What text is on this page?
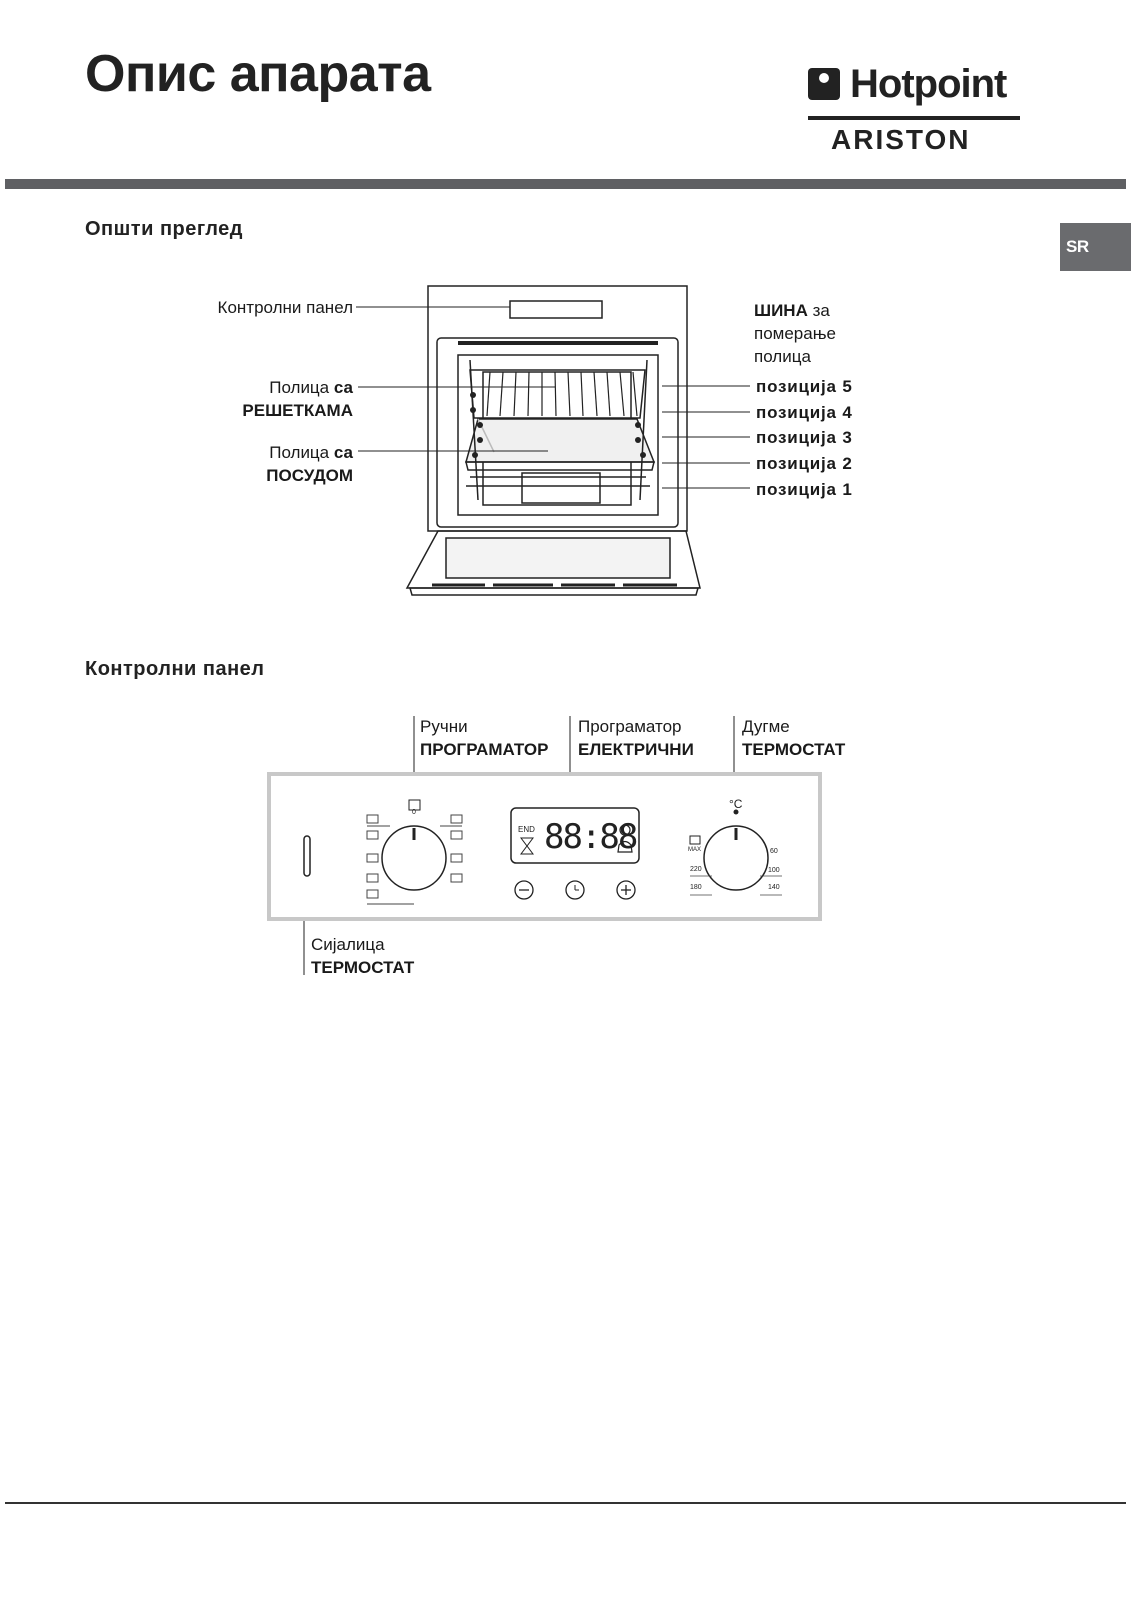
Опис апарата	Hotpoint
ARISTON
SR
Општи преглед
Контролни панел
Полица са
РЕШЕТКАМА
Полица са
ПОСУДОМ
ШИНА за
померање
полица
позиција 5
позиција 4
позиција 3
позиција 2
позиција 1
Контролни панел
88:88
END
0
°C
MAX	60
100
140
180
220
Ручни
ПРОГРАМАТОР
Програматор
ЕЛЕКТРИЧНИ
Дугме
ТЕРМОСТАТ
Сијалица
ТЕРМОСТАТ
